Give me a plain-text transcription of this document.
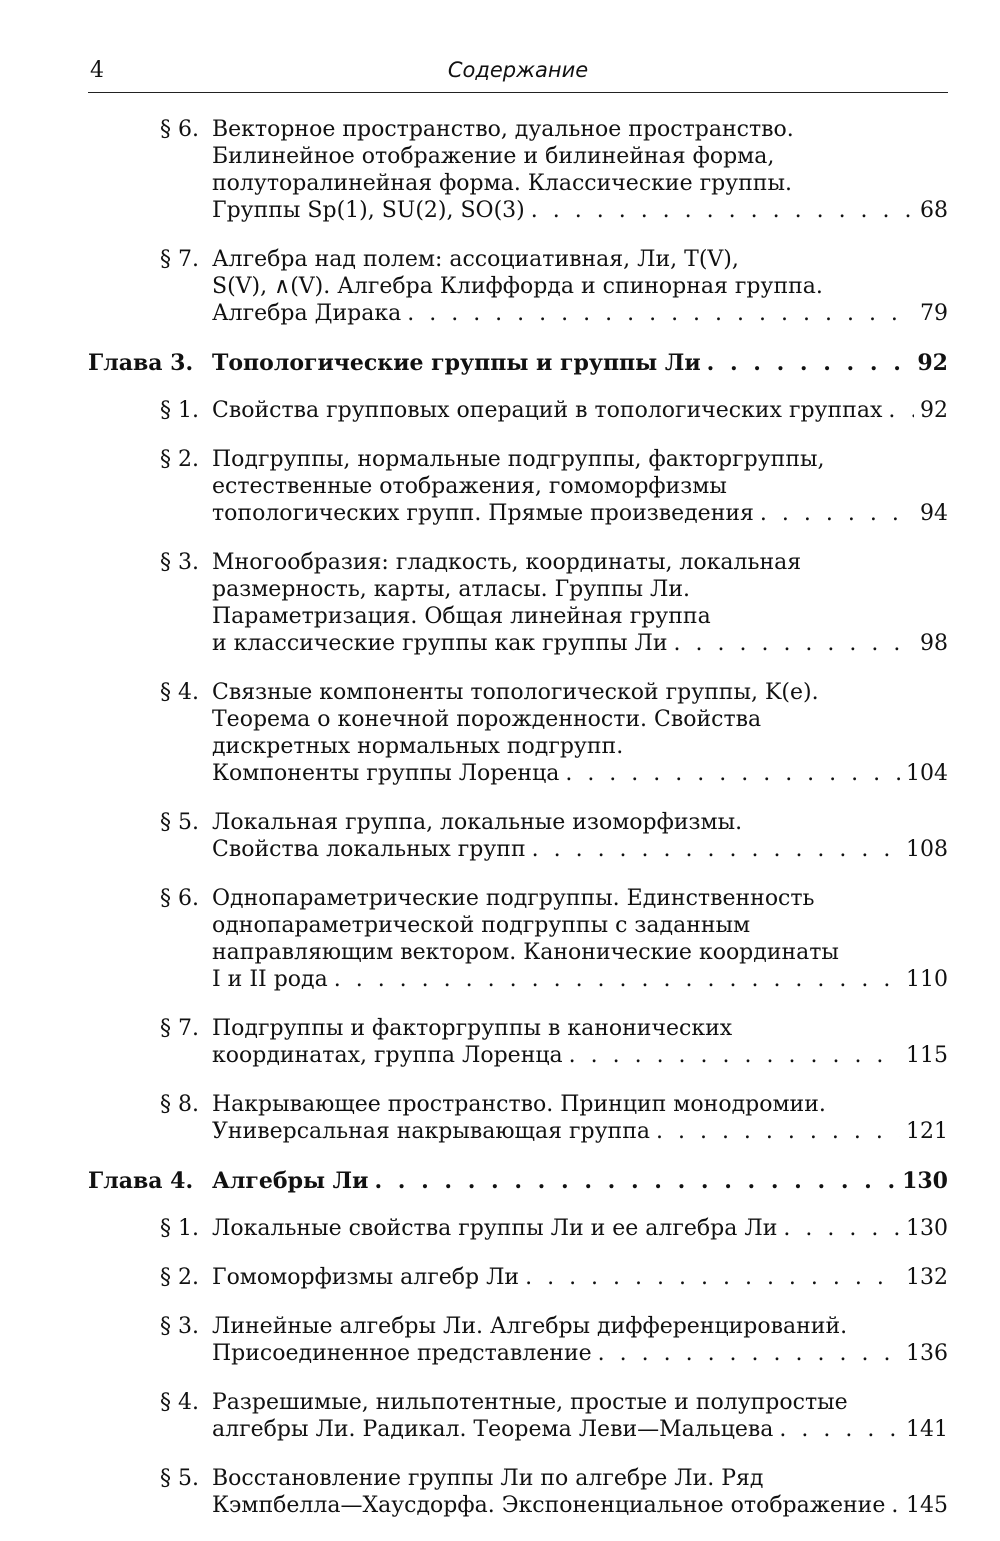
4	Содержание
§ 6. Векторное пространство, дуальное пространство.
Билинейное отображение и билинейная форма,
полуторалинейная форма. Классические группы.
Группы Sp(1), SU(2), SO(3) . . .	68
§ 7. Алгебра над полем: ассоциативная, Ли, T(V),
S(V), ∧(V). Алгебра Клиффорда и спинорная группа.
Алгебра Дирака . . .	79
Глава 3. Топологические группы и группы Ли . . .	92
§ 1. Свойства групповых операций в топологических группах . . . 92
§ 2. Подгруппы, нормальные подгруппы, факторгруппы,
естественные отображения, гомоморфизмы
топологических групп. Прямые произведения . . .	94
§ 3. Многообразия: гладкость, координаты, локальная
размерность, карты, атласы. Группы Ли.
Параметризация. Общая линейная группа
и классические группы как группы Ли . . .	98
§ 4. Связные компоненты топологической группы, K(e).
Теорема о конечной порожденности. Свойства
дискретных нормальных подгрупп.
Компоненты группы Лоренца . . .	104
§ 5. Локальная группа, локальные изоморфизмы.
Свойства локальных групп . . .	108
§ 6. Однопараметрические подгруппы. Единственность
однопараметрической подгруппы с заданным
направляющим вектором. Канонические координаты
I и II рода . . .	110
§ 7. Подгруппы и факторгруппы в канонических
координатах, группа Лоренца . . .	115
§ 8. Накрывающее пространство. Принцип монодромии.
Универсальная накрывающая группа . . .	121
Глава 4. Алгебры Ли . . .	130
§ 1. Локальные свойства группы Ли и ее алгебра Ли . . .	130
§ 2. Гомоморфизмы алгебр Ли . . .	132
§ 3. Линейные алгебры Ли. Алгебры дифференцирований.
Присоединенное представление . . .	136
§ 4. Разрешимые, нильпотентные, простые и полупростые
алгебры Ли. Радикал. Теорема Леви—Мальцева . . .	141
§ 5. Восстановление группы Ли по алгебре Ли. Ряд
Кэмпбелла—Хаусдорфа. Экспоненциальное отображение . . . 145
